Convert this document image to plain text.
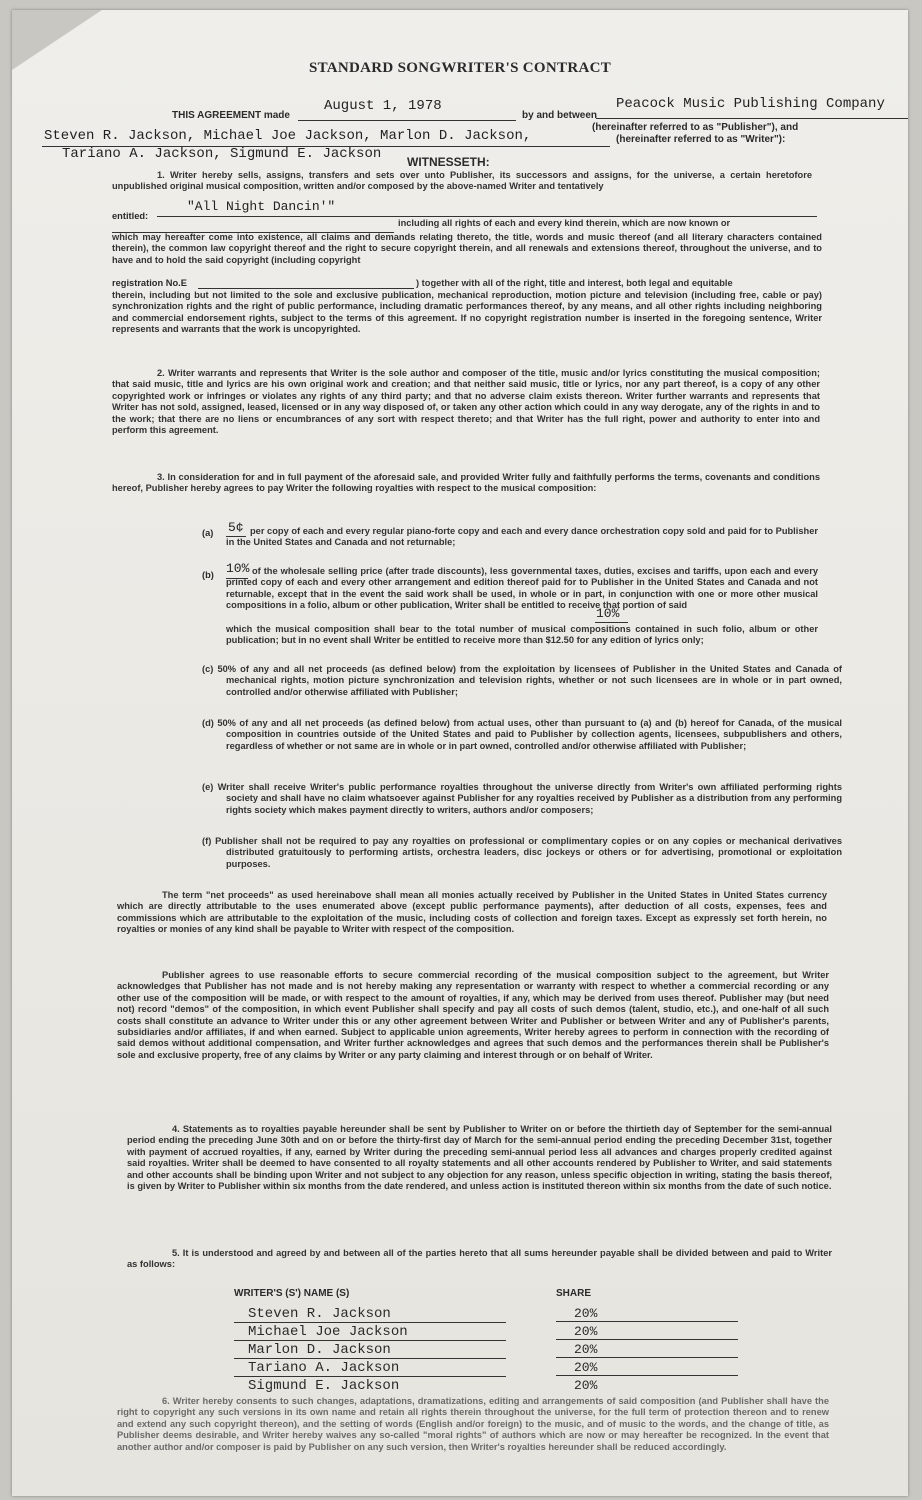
STANDARD SONGWRITER'S CONTRACT
THIS AGREEMENT made
August 1, 1978
by and between
Peacock Music Publishing Company
(hereinafter referred to as "Publisher"), and
Steven R. Jackson, Michael Joe Jackson, Marlon D. Jackson,	(hereinafter referred to as "Writer"):
Tariano A. Jackson, Sigmund E. Jackson WITNESSETH:

1. Writer hereby sells, assigns, transfers and sets over unto Publisher, its successors and assigns, for the universe, a certain heretofore unpublished original musical composition, written and/or composed by the above-named Writer and tentatively

entitled:
"All Night Dancin'"
including all rights of each and every kind therein, which are now known or

which may hereafter come into existence, all claims and demands relating thereto, the title, words and music thereof (and all literary characters contained therein), the common law copyright thereof and the right to secure copyright therein, and all renewals and extensions thereof, throughout the universe, and to have and to hold the said copyright (including copyright

registration No.E	) together with all of the right, title and interest, both legal and equitable

therein, including but not limited to the sole and exclusive publication, mechanical reproduction, motion picture and television (including free, cable or pay) synchronization rights and the right of public performance, including dramatic performances thereof, by any means, and all other rights including neighboring and commercial endorsement rights, subject to the terms of this agreement. If no copyright registration number is inserted in the foregoing sentence, Writer represents and warrants that the work is uncopyrighted.

2. Writer warrants and represents that Writer is the sole author and composer of the title, music and/or lyrics constituting the musical composition; that said music, title and lyrics are his own original work and creation; and that neither said music, title or lyrics, nor any part thereof, is a copy of any other copyrighted work or infringes or violates any rights of any third party; and that no adverse claim exists thereon. Writer further warrants and represents that Writer has not sold, assigned, leased, licensed or in any way disposed of, or taken any other action which could in any way derogate, any of the rights in and to the work; that there are no liens or encumbrances of any sort with respect thereto; and that Writer has the full right, power and authority to enter into and perform this agreement.

3. In consideration for and in full payment of the aforesaid sale, and provided Writer fully and faithfully performs the terms, covenants and conditions hereof, Publisher hereby agrees to pay Writer the following royalties with respect to the musical composition:

(a) 5¢ per copy of each and every regular piano-forte copy and each and every dance orchestration copy sold and paid for to Publisher in the United States and Canada and not returnable;

(b) 10% of the wholesale selling price (after trade discounts), less governmental taxes, duties, excises and tariffs, upon each and every printed copy of each and every other arrangement and edition thereof paid for to Publisher in the United States and Canada and not returnable, except that in the event the said work shall be used, in whole or in part, in conjunction with one or more other musical compositions in a folio, album or other publication, Writer shall be entitled to receive that portion of said

10%

which the musical composition shall bear to the total number of musical compositions contained in such folio, album or other publication; but in no event shall Writer be entitled to receive more than $12.50 for any edition of lyrics only;

(c) 50% of any and all net proceeds (as defined below) from the exploitation by licensees of Publisher in the United States and Canada of mechanical rights, motion picture synchronization and television rights, whether or not such licensees are in whole or in part owned, controlled and/or otherwise affiliated with Publisher;

(d) 50% of any and all net proceeds (as defined below) from actual uses, other than pursuant to (a) and (b) hereof for Canada, of the musical composition in countries outside of the United States and paid to Publisher by collection agents, licensees, subpublishers and others, regardless of whether or not same are in whole or in part owned, controlled and/or otherwise affiliated with Publisher;

(e) Writer shall receive Writer's public performance royalties throughout the universe directly from Writer's own affiliated performing rights society and shall have no claim whatsoever against Publisher for any royalties received by Publisher as a distribution from any performing rights society which makes payment directly to writers, authors and/or composers;

(f) Publisher shall not be required to pay any royalties on professional or complimentary copies or on any copies or mechanical derivatives distributed gratuitously to performing artists, orchestra leaders, disc jockeys or others or for advertising, promotional or exploitation purposes.

The term "net proceeds" as used hereinabove shall mean all monies actually received by Publisher in the United States in United States currency which are directly attributable to the uses enumerated above (except public performance payments), after deduction of all costs, expenses, fees and commissions which are attributable to the exploitation of the music, including costs of collection and foreign taxes. Except as expressly set forth herein, no royalties or monies of any kind shall be payable to Writer with respect of the composition.

Publisher agrees to use reasonable efforts to secure commercial recording of the musical composition subject to the agreement, but Writer acknowledges that Publisher has not made and is not hereby making any representation or warranty with respect to whether a commercial recording or any other use of the composition will be made, or with respect to the amount of royalties, if any, which may be derived from uses thereof. Publisher may (but need not) record "demos" of the composition, in which event Publisher shall specify and pay all costs of such demos (talent, studio, etc.), and one-half of all such costs shall constitute an advance to Writer under this or any other agreement between Writer and Publisher or between Writer and any of Publisher's parents, subsidiaries and/or affiliates, if and when earned. Subject to applicable union agreements, Writer hereby agrees to perform in connection with the recording of said demos without additional compensation, and Writer further acknowledges and agrees that such demos and the performances therein shall be Publisher's sole and exclusive property, free of any claims by Writer or any party claiming and interest through or on behalf of Writer.

4. Statements as to royalties payable hereunder shall be sent by Publisher to Writer on or before the thirtieth day of September for the semi-annual period ending the preceding June 30th and on or before the thirty-first day of March for the semi-annual period ending the preceding December 31st, together with payment of accrued royalties, if any, earned by Writer during the preceding semi-annual period less all advances and charges properly credited against said royalties. Writer shall be deemed to have consented to all royalty statements and all other accounts rendered by Publisher to Writer, and said statements and other accounts shall be binding upon Writer and not subject to any objection for any reason, unless specific objection in writing, stating the basis thereof, is given by Writer to Publisher within six months from the date rendered, and unless action is instituted thereon within six months from the date of such notice.

5. It is understood and agreed by and between all of the parties hereto that all sums hereunder payable shall be divided between and paid to Writer as follows:

WRITER'S (S') NAME (S)	SHARE
Steven R. Jackson	20%
Michael Joe Jackson	20%
Marlon D. Jackson	20%
Tariano A. Jackson	20%
Sigmund E. Jackson	20%

6. Writer hereby consents to such changes, adaptations, dramatizations, editing and arrangements of said composition (and Publisher shall have the right to copyright any such versions in its own name and retain all rights therein throughout the universe, for the full term of protection thereon and to renew and extend any such copyright thereon), and the setting of words (English and/or foreign) to the music, and of music to the words, and the change of title, as Publisher deems desirable, and Writer hereby waives any so-called "moral rights" of authors which are now or may hereafter be recognized. In the event that another author and/or composer is paid by Publisher on any such version, then Writer's royalties hereunder shall be reduced accordingly.
